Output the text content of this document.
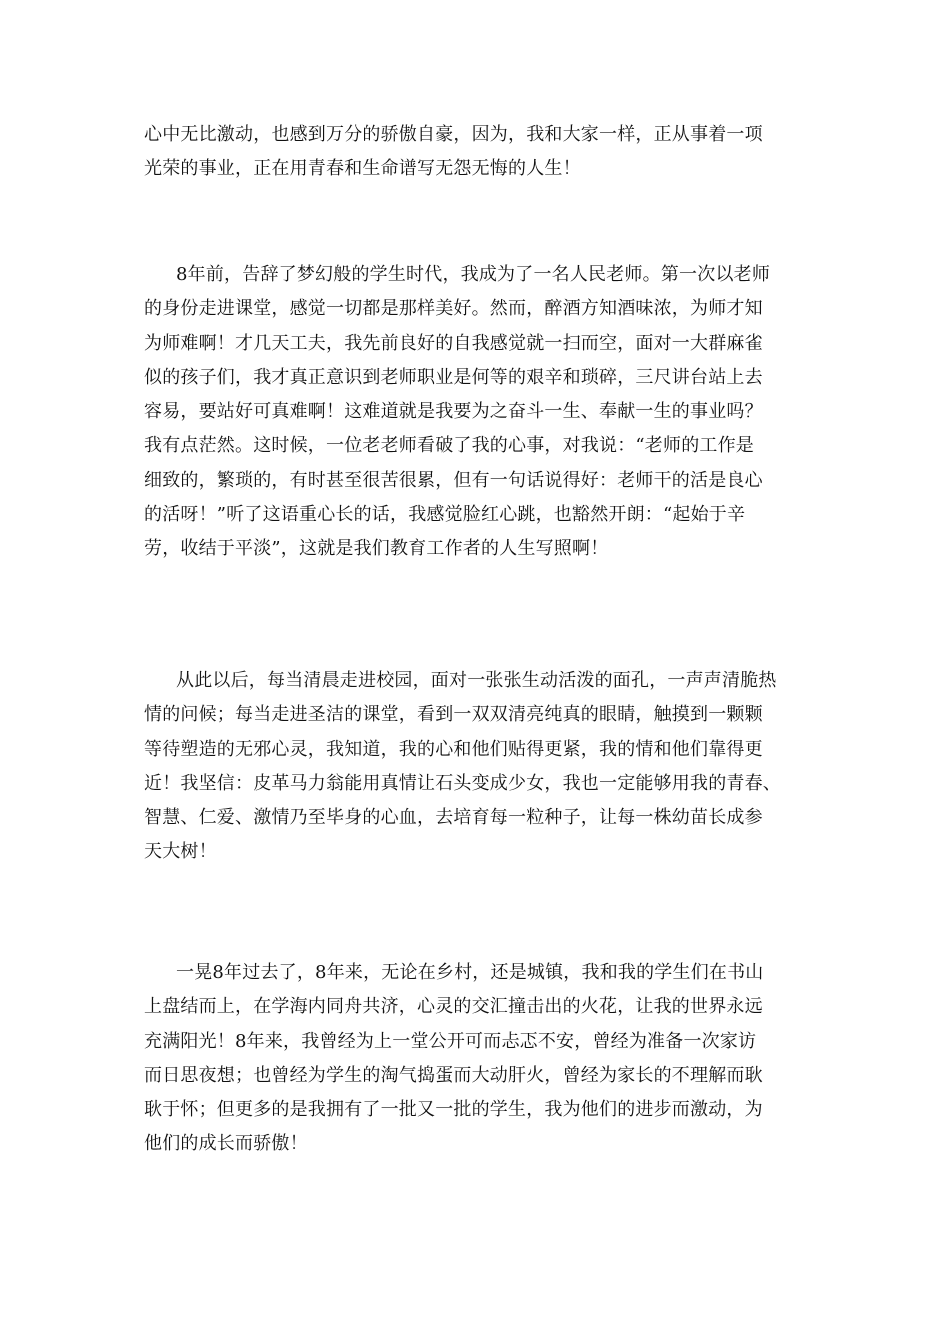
心中无比激动，也感到万分的骄傲自豪，因为，我和大家一样，正从事着一项
光荣的事业，正在用青春和生命谱写无怨无悔的人生！
8年前，告辞了梦幻般的学生时代，我成为了一名人民老师。第一次以老师
的身份走进课堂，感觉一切都是那样美好。然而，醉酒方知酒味浓，为师才知
为师难啊！才几天工夫，我先前良好的自我感觉就一扫而空，面对一大群麻雀
似的孩子们，我才真正意识到老师职业是何等的艰辛和琐碎，三尺讲台站上去
容易，要站好可真难啊！这难道就是我要为之奋斗一生、奉献一生的事业吗？
我有点茫然。这时候，一位老老师看破了我的心事，对我说：“老师的工作是
细致的，繁琐的，有时甚至很苦很累，但有一句话说得好：老师干的活是良心
的活呀！”听了这语重心长的话，我感觉脸红心跳，也豁然开朗：“起始于辛
劳，收结于平淡”，这就是我们教育工作者的人生写照啊！
从此以后，每当清晨走进校园，面对一张张生动活泼的面孔，一声声清脆热
情的问候；每当走进圣洁的课堂，看到一双双清亮纯真的眼睛，触摸到一颗颗
等待塑造的无邪心灵，我知道，我的心和他们贴得更紧，我的情和他们靠得更
近！我坚信：皮革马力翁能用真情让石头变成少女，我也一定能够用我的青春、
智慧、仁爱、激情乃至毕身的心血，去培育每一粒种子，让每一株幼苗长成参
天大树！
一晃8年过去了，8年来，无论在乡村，还是城镇，我和我的学生们在书山
上盘结而上，在学海内同舟共济，心灵的交汇撞击出的火花，让我的世界永远
充满阳光！8年来，我曾经为上一堂公开可而忐忑不安，曾经为准备一次家访
而日思夜想；也曾经为学生的淘气捣蛋而大动肝火，曾经为家长的不理解而耿
耿于怀；但更多的是我拥有了一批又一批的学生，我为他们的进步而激动，为
他们的成长而骄傲！
